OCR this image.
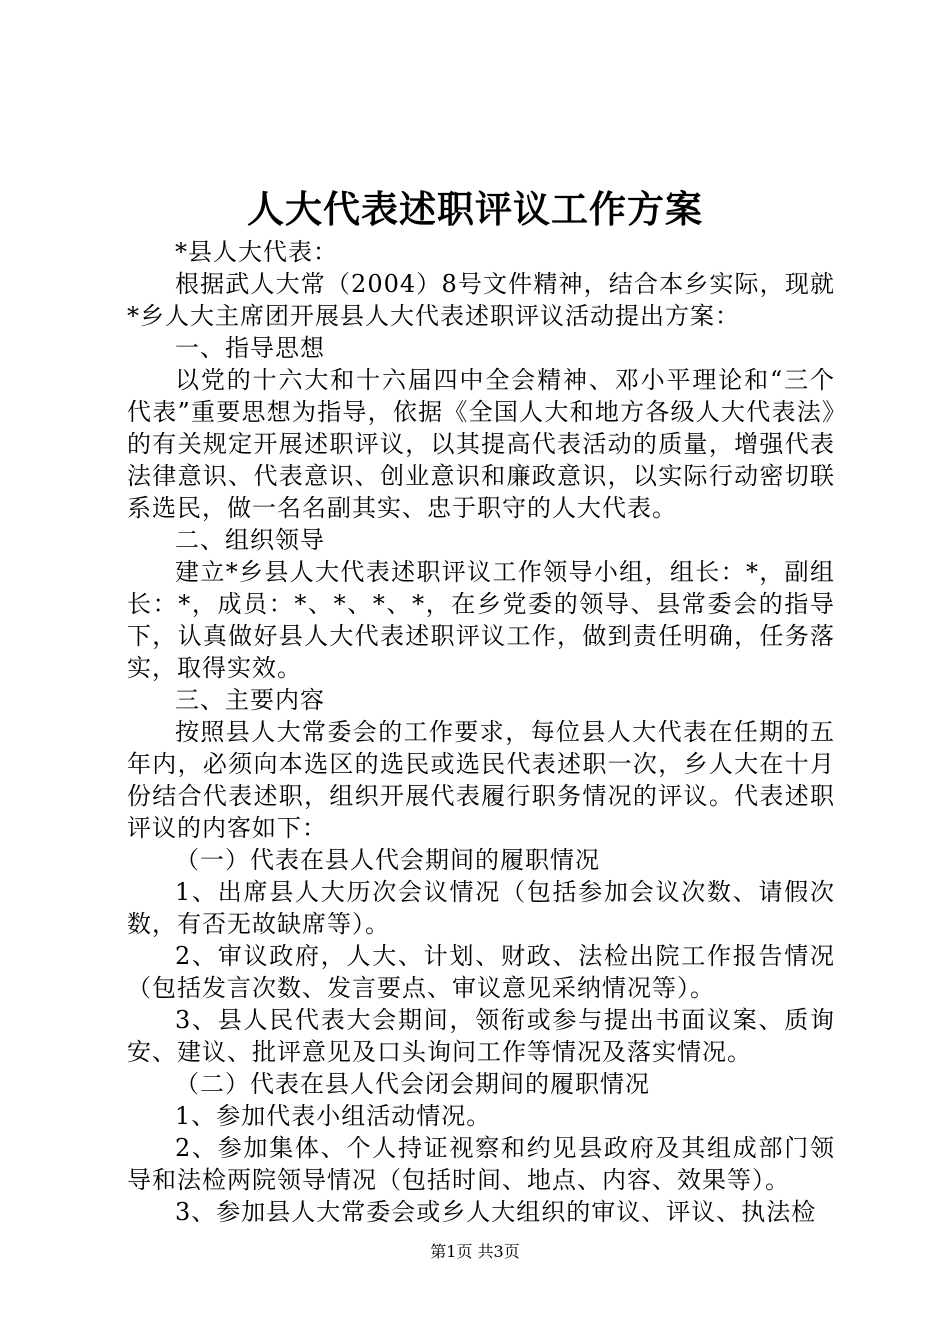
人大代表述职评议工作方案

*县人大代表：

根据武人大常（2004）8号文件精神，结合本乡实际，现就*乡人大主席团开展县人大代表述职评议活动提出方案：

一、指导思想

以党的十六大和十六届四中全会精神、邓小平理论和“三个代表”重要思想为指导，依据《全国人大和地方各级人大代表法》的有关规定开展述职评议，以其提高代表活动的质量，增强代表法律意识、代表意识、创业意识和廉政意识，以实际行动密切联系选民，做一名名副其实、忠于职守的人大代表。

二、组织领导

建立*乡县人大代表述职评议工作领导小组，组长：*，副组长：*，成员：*、*、*、*，在乡党委的领导、县常委会的指导下，认真做好县人大代表述职评议工作，做到责任明确，任务落实，取得实效。

三、主要内容

按照县人大常委会的工作要求，每位县人大代表在任期的五年内，必须向本选区的选民或选民代表述职一次，乡人大在十月份结合代表述职，组织开展代表履行职务情况的评议。代表述职评议的内客如下：

（一）代表在县人代会期间的履职情况

1、出席县人大历次会议情况（包括参加会议次数、请假次数，有否无故缺席等）。

2、审议政府，人大、计划、财政、法检出院工作报告情况（包括发言次数、发言要点、审议意见采纳情况等）。

3、县人民代表大会期间，领衔或参与提出书面议案、质询安、建议、批评意见及口头询问工作等情况及落实情况。

（二）代表在县人代会闭会期间的履职情况

1、参加代表小组活动情况。

2、参加集体、个人持证视察和约见县政府及其组成部门领导和法检两院领导情况（包括时间、地点、内容、效果等）。

3、参加县人大常委会或乡人大组织的审议、评议、执法检

第1页 共3页
